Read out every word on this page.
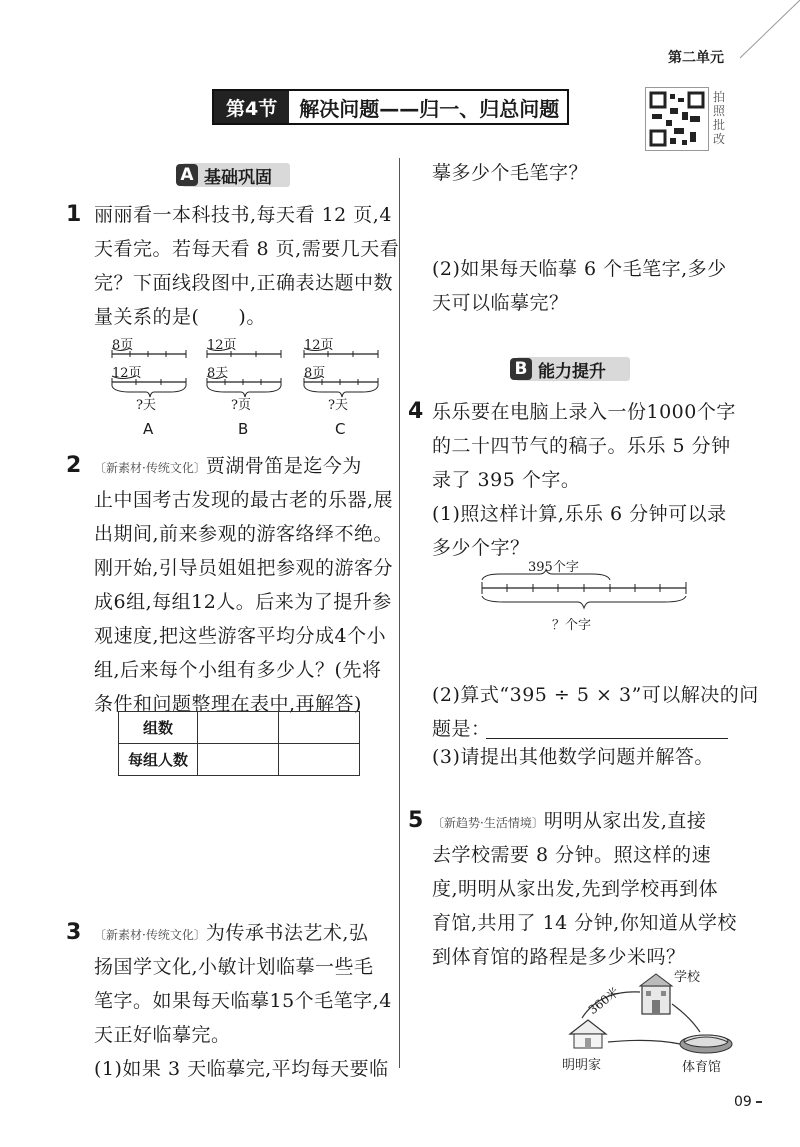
第二单元
第4节	解决问题——归一、归总问题	拍照批改
A 基础巩固
1 丽丽看一本科技书,每天看 12 页,4
天看完。若每天看 8 页,需要几天看
完？下面线段图中,正确表达题中数
量关系的是(　　)。
8页
12页
?天
A
12页
8天
?页
B
12页
8页
?天
C
2 〔新素材·传统文化〕贾湖骨笛是迄今为
止中国考古发现的最古老的乐器,展
出期间,前来参观的游客络绎不绝。
刚开始,引导员姐姐把参观的游客分
成6组,每组12人。后来为了提升参
观速度,把这些游客平均分成4个小
组,后来每个小组有多少人？(先将
条件和问题整理在表中,再解答)
组数		
每组人数		
3 〔新素材·传统文化〕为传承书法艺术,弘
扬国学文化,小敏计划临摹一些毛
笔字。如果每天临摹15个毛笔字,4
天正好临摹完。
(1)如果 3 天临摹完,平均每天要临
摹多少个毛笔字？
(2)如果每天临摹 6 个毛笔字,多少
天可以临摹完？
B 能力提升
4 乐乐要在电脑上录入一份1000个字
的二十四节气的稿子。乐乐 5 分钟
录了 395 个字。
(1)照这样计算,乐乐 6 分钟可以录
多少个字？
395个字
？个字
(2)算式“395 ÷ 5 × 3”可以解决的问
题是：
(3)请提出其他数学问题并解答。
5 〔新趋势·生活情境〕明明从家出发,直接
去学校需要 8 分钟。照这样的速
度,明明从家出发,先到学校再到体
育馆,共用了 14 分钟,你知道从学校
到体育馆的路程是多少米吗？
360米
学校
明明家	体育馆
09
